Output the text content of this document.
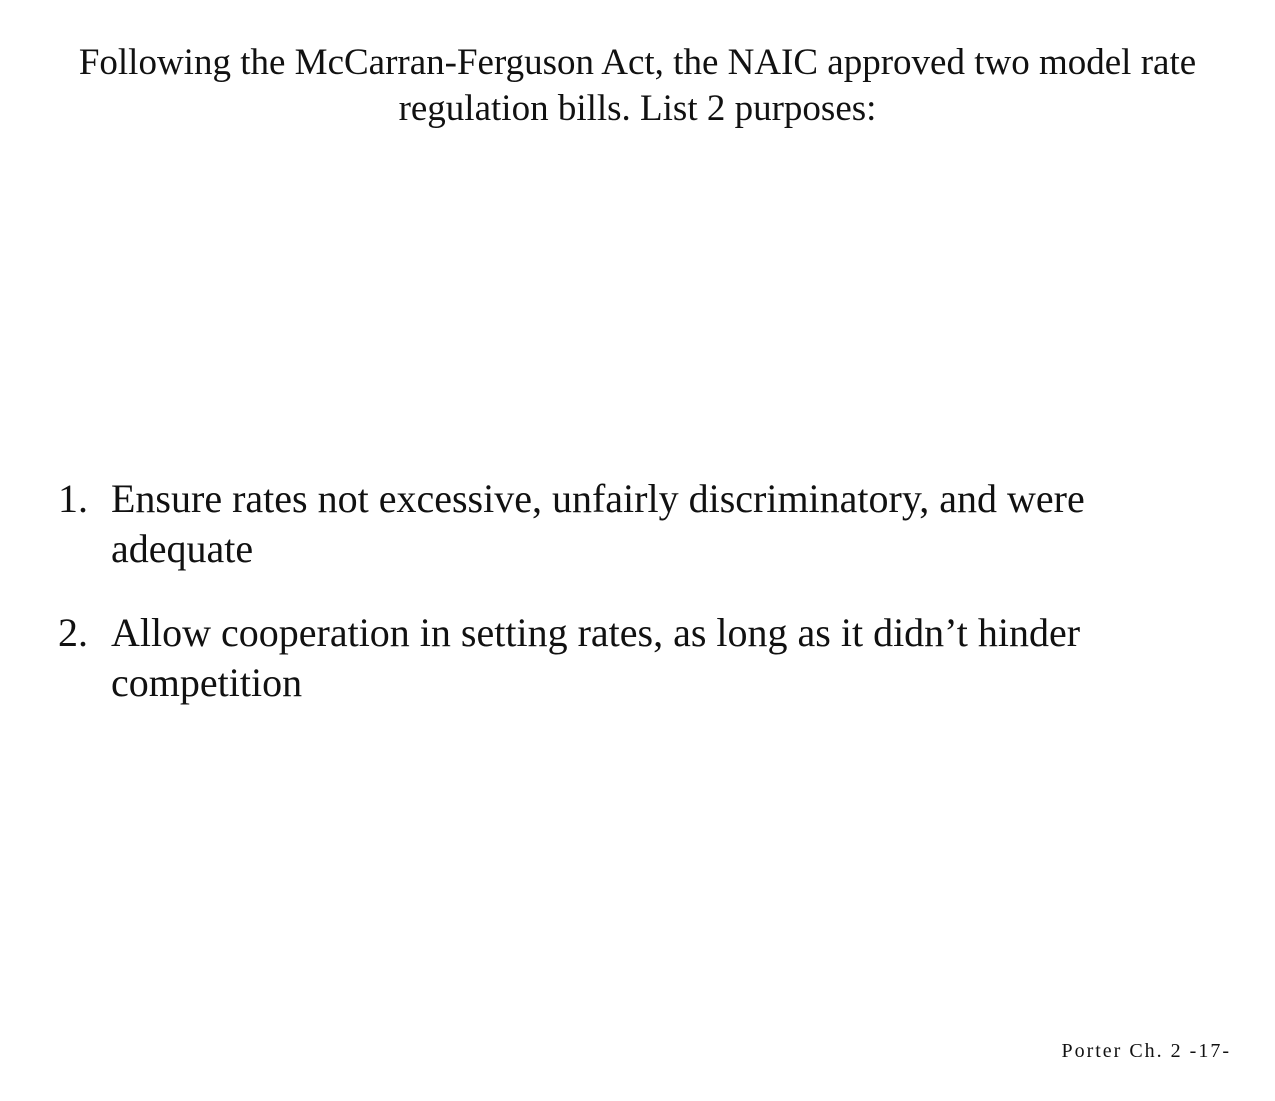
Following the McCarran-Ferguson Act, the NAIC approved two model rate regulation bills. List 2 purposes:
1. Ensure rates not excessive, unfairly discriminatory, and were adequate
2. Allow cooperation in setting rates, as long as it didn’t hinder competition
Porter Ch. 2 -17-
